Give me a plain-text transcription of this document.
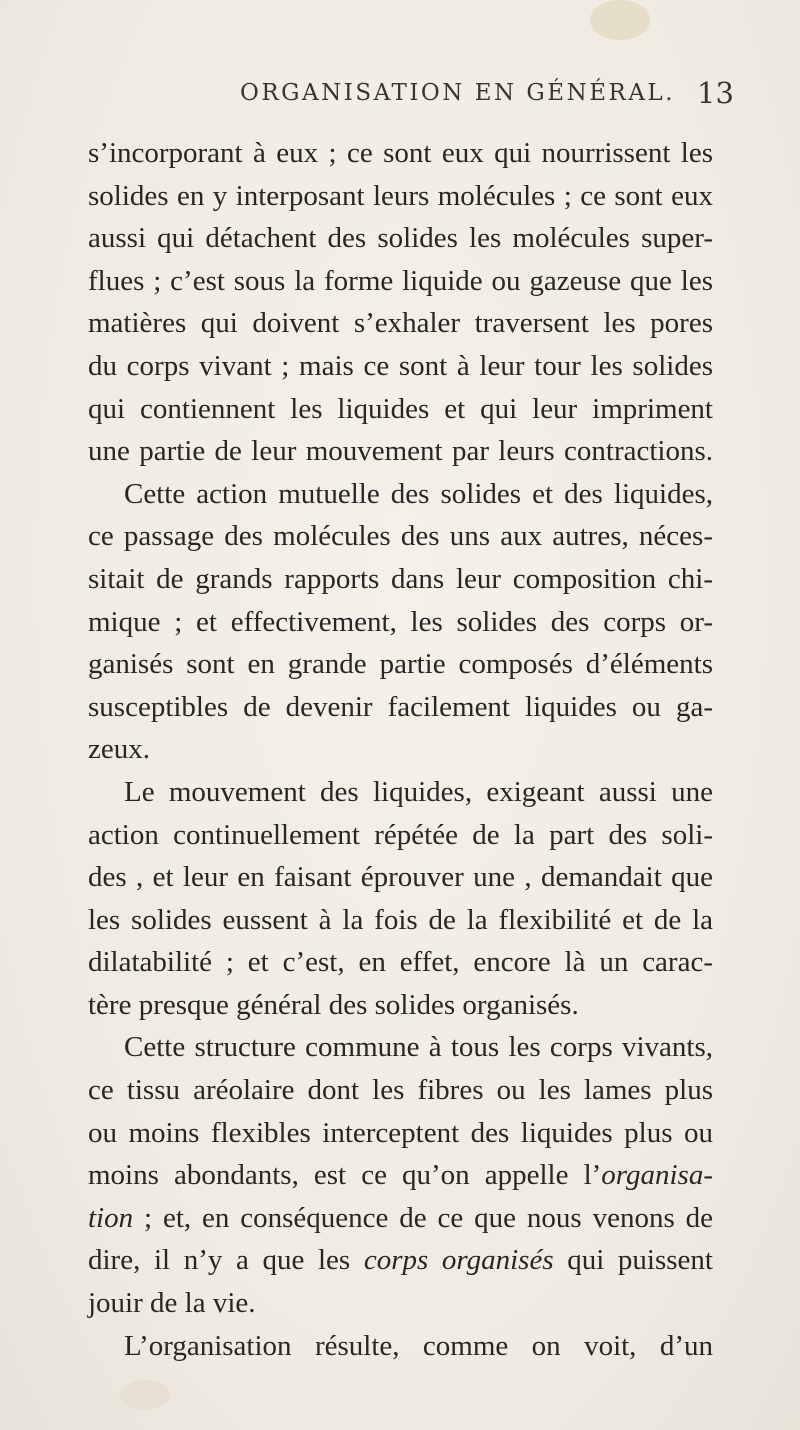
ORGANISATION EN GÉNÉRAL. 13
s’incorporant à eux ; ce sont eux qui nourrissent les
solides en y interposant leurs molécules ; ce sont eux
aussi qui détachent des solides les molécules super-
flues ; c’est sous la forme liquide ou gazeuse que les
matières qui doivent s’exhaler traversent les pores
du corps vivant ; mais ce sont à leur tour les solides
qui contiennent les liquides et qui leur impriment
une partie de leur mouvement par leurs contractions.
Cette action mutuelle des solides et des liquides,
ce passage des molécules des uns aux autres, néces-
sitait de grands rapports dans leur composition chi-
mique ; et effectivement, les solides des corps or-
ganisés sont en grande partie composés d’éléments
susceptibles de devenir facilement liquides ou ga-
zeux.
Le mouvement des liquides, exigeant aussi une
action continuellement répétée de la part des soli-
des , et leur en faisant éprouver une , demandait que
les solides eussent à la fois de la flexibilité et de la
dilatabilité ; et c’est, en effet, encore là un carac-
tère presque général des solides organisés.
Cette structure commune à tous les corps vivants,
ce tissu aréolaire dont les fibres ou les lames plus
ou moins flexibles interceptent des liquides plus ou
moins abondants, est ce qu’on appelle l’organisa-
tion ; et, en conséquence de ce que nous venons de
dire, il n’y a que les corps organisés qui puissent
jouir de la vie.
L’organisation résulte, comme on voit, d’un
